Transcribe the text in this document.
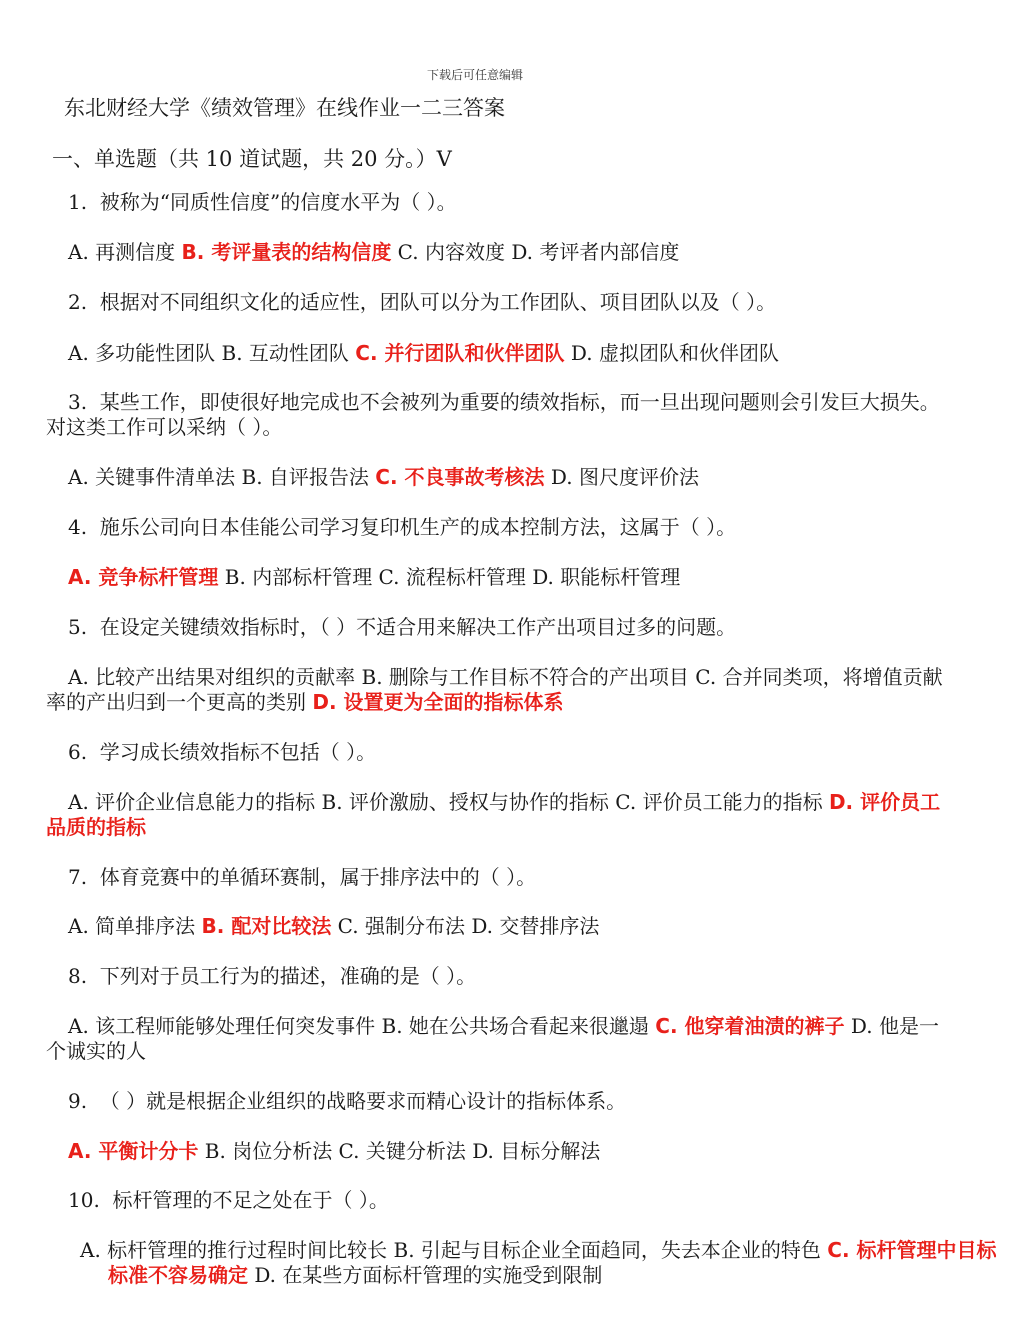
下载后可任意编辑
东北财经大学《绩效管理》在线作业一二三答案
一、单选题（共 10 道试题，共 20 分。）V
1.  被称为“同质性信度”的信度水平为（ ）。
A. 再测信度 B. 考评量表的结构信度 C. 内容效度 D. 考评者内部信度
2.  根据对不同组织文化的适应性，团队可以分为工作团队、项目团队以及（ ）。
A. 多功能性团队 B. 互动性团队 C. 并行团队和伙伴团队 D. 虚拟团队和伙伴团队
3.  某些工作，即使很好地完成也不会被列为重要的绩效指标，而一旦出现问题则会引发巨大损失。对这类工作可以采纳（ ）。
A. 关键事件清单法 B. 自评报告法 C. 不良事故考核法 D. 图尺度评价法
4.  施乐公司向日本佳能公司学习复印机生产的成本控制方法，这属于（ ）。
A. 竞争标杆管理 B. 内部标杆管理 C. 流程标杆管理 D. 职能标杆管理
5.  在设定关键绩效指标时，（ ）不适合用来解决工作产出项目过多的问题。
A. 比较产出结果对组织的贡献率 B. 删除与工作目标不符合的产出项目 C. 合并同类项，将增值贡献率的产出归到一个更高的类别 D. 设置更为全面的指标体系
6.  学习成长绩效指标不包括（ ）。
A. 评价企业信息能力的指标 B. 评价激励、授权与协作的指标 C. 评价员工能力的指标 D. 评价员工品质的指标
7.  体育竞赛中的单循环赛制，属于排序法中的（ ）。
A. 简单排序法 B. 配对比较法 C. 强制分布法 D. 交替排序法
8.  下列对于员工行为的描述，准确的是（ ）。
A. 该工程师能够处理任何突发事件 B. 她在公共场合看起来很邋遢 C. 他穿着油渍的裤子 D. 他是一个诚实的人
9.  （ ）就是根据企业组织的战略要求而精心设计的指标体系。
A. 平衡计分卡 B. 岗位分析法 C. 关键分析法 D. 目标分解法
10.  标杆管理的不足之处在于（ ）。
A. 标杆管理的推行过程时间比较长 B. 引起与目标企业全面趋同，失去本企业的特色 C. 标杆管理中目标标准不容易确定 D. 在某些方面标杆管理的实施受到限制
